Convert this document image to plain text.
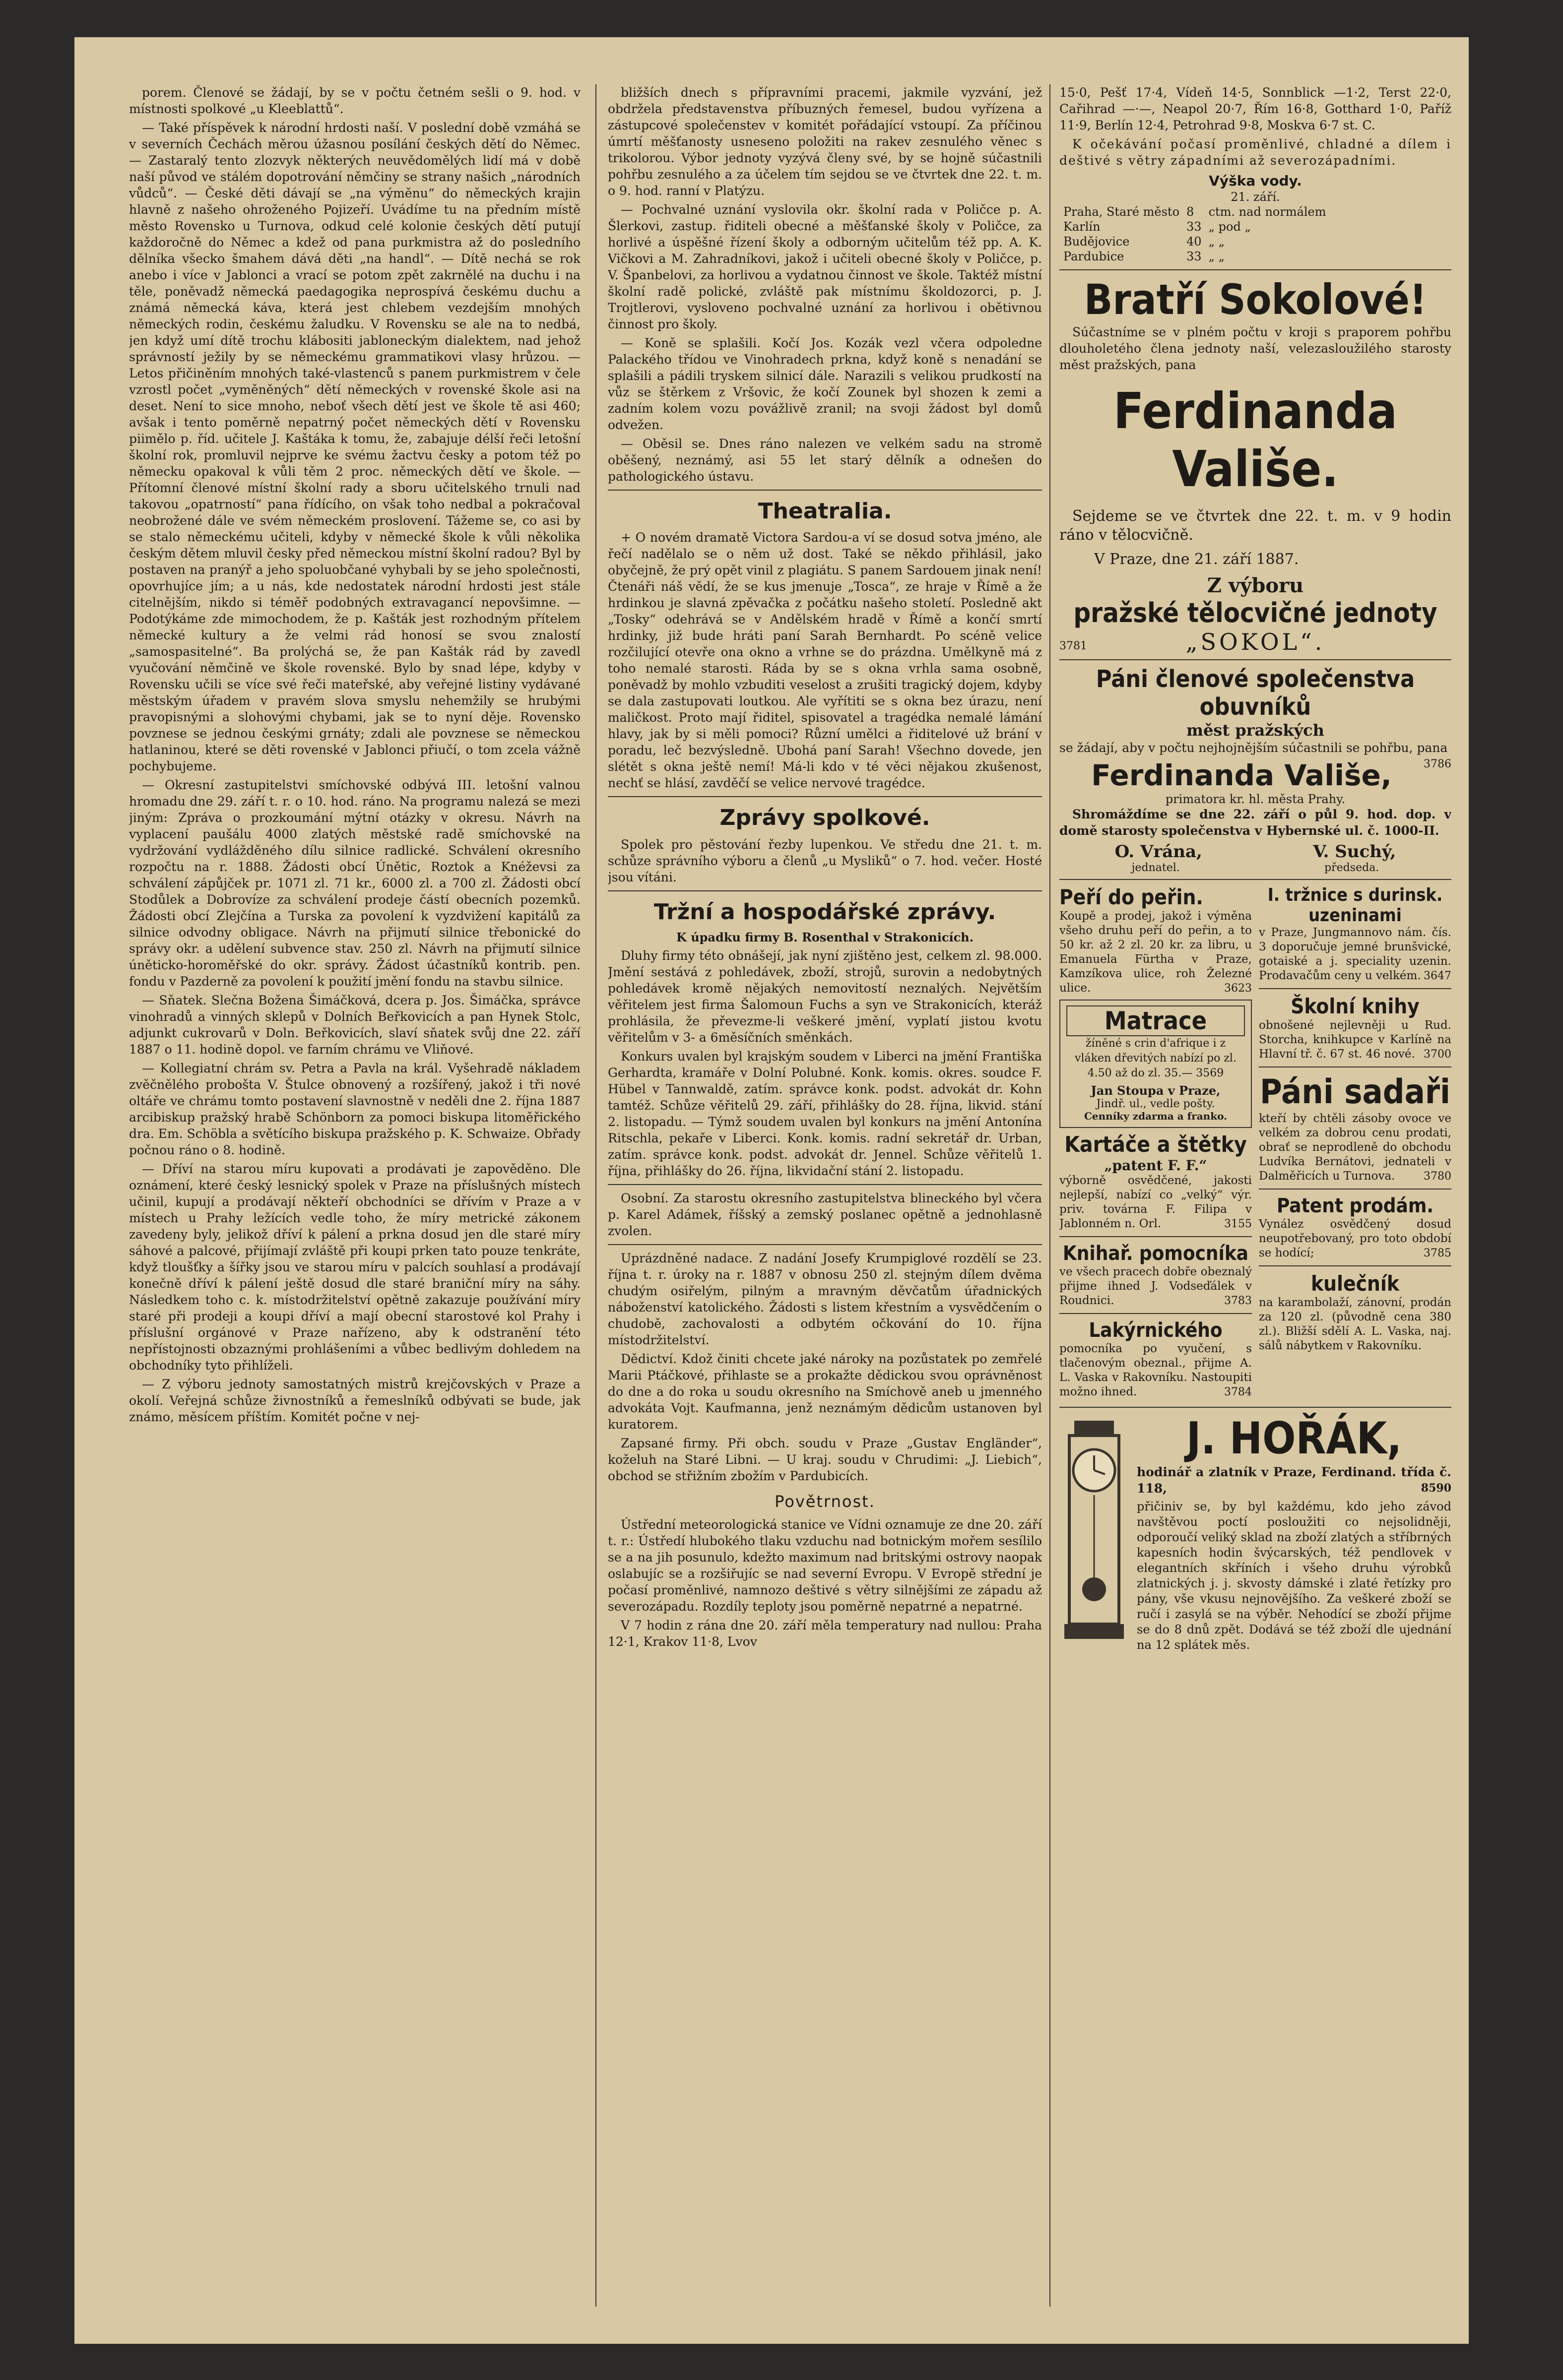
porem. Členové se žádají, by se v počtu četném sešli o 9. hod. v místnosti spolkové „u Kleeblattů“.

— Také příspěvek k národní hrdosti naší. V poslední době vzmáhá se v severních Čechách měrou úžasnou posílání českých dětí do Němec. — Zastaralý tento zlozvyk některých neuvědomělých lidí má v době naší původ ve stálém dopotrování němčiny se strany našich „národních vůdců“. — České děti dávají se „na výměnu“ do německých krajin hlavně z našeho ohroženého Pojizeří. Uvádíme tu na předním místě město Rovensko u Turnova, odkud celé kolonie českých dětí putují každoročně do Němec a kdež od pana purkmistra až do posledního dělníka všecko šmahem dává děti „na handl“. — Dítě nechá se rok anebo i více v Jablonci a vrací se potom zpět zakrnělé na duchu i na těle, poněvadž německá paedagogika neprospívá českému duchu a známá německá káva, která jest chlebem vezdejším mnohých německých rodin, českému žaludku. V Rovensku se ale na to nedbá, jen když umí dítě trochu klábositi jabloneckým dialektem, nad jehož správností ježily by se německému grammatikovi vlasy hrůzou. — Letos přičiněním mnohých také-vlastenců s panem purkmistrem v čele vzrostl počet „vyměněných“ dětí německých v rovenské škole asi na deset. Není to sice mnoho, neboť všech dětí jest ve škole tě asi 460; avšak i tento poměrně nepatrný počet německých dětí v Rovensku piimělo p. říd. učitele J. Kaštáka k tomu, že, zabajuje délší řeči letošní školní rok, promluvil nejprve ke svému žactvu česky a potom též po německu opakoval k vůli těm 2 proc. německých dětí ve škole. — Přítomní členové místní školní rady a sboru učitelského trnuli nad takovou „opatrností“ pana řídícího, on však toho nedbal a pokračoval neobrožené dále ve svém německém proslovení. Tážeme se, co asi by se stalo německému učiteli, kdyby v německé škole k vůli několika českým dětem mluvil česky před německou místní školní radou? Byl by postaven na pranýř a jeho spoluobčané vyhybali by se jeho společnosti, opovrhujíce jím; a u nás, kde nedostatek národní hrdosti jest stále citelnějším, nikdo si téměř podobných extravagancí nepovšimne. — Podotýkáme zde mimochodem, že p. Kašták jest rozhodným přítelem německé kultury a že velmi rád honosí se svou znalostí „samospasitelné“. Ba prolýchá se, že pan Kašták rád by zavedl vyučování němčině ve škole rovenské. Bylo by snad lépe, kdyby v Rovensku učili se více své řeči mateřské, aby veřejné listiny vydávané městským úřadem v pravém slova smyslu nehemžily se hrubými pravopisnými a slohovými chybami, jak se to nyní děje. Rovensko povznese se jednou českými grnáty; zdali ale povznese se německou hatlaninou, které se děti rovenské v Jablonci přiučí, o tom zcela vážně pochybujeme.

— Okresní zastupitelstvi smíchovské odbývá III. letošní valnou hromadu dne 29. září t. r. o 10. hod. ráno. Na programu nalezá se mezi jiným: Zpráva o prozkoumání mýtní otázky v okresu. Návrh na vyplacení paušálu 4000 zlatých městské radě smíchovské na vydržování vydlážděného dílu silnice radlické. Schválení okresního rozpočtu na r. 1888. Žádosti obcí Únětic, Roztok a Knéževsi za schválení zápůjček pr. 1071 zl. 71 kr., 6000 zl. a 700 zl. Žádosti obcí Stodůlek a Dobrovíze za schválení prodeje částí obecních pozemků. Žádosti obcí Zlejčína a Turska za povolení k vyzdvižení kapitálů za silnice odvodny obligace. Návrh na přijmutí silnice třebonické do správy okr. a udělení subvence stav. 250 zl. Návrh na přijmutí silnice úněticko-horoměřské do okr. správy. Žádost účastníků kontrib. pen. fondu v Pazderně za povolení k použití jmění fondu na stavbu silnice.

— Sňatek. Slečna Božena Šimáčková, dcera p. Jos. Šimáčka, správce vinohradů a vinných sklepů v Dolních Beřkovicích a pan Hynek Stolc, adjunkt cukrovarů v Doln. Beřkovicích, slaví sňatek svůj dne 22. září 1887 o 11. hodině dopol. ve farním chrámu ve Vliňové.

— Kollegiatní chrám sv. Petra a Pavla na král. Vyšehradě nákladem zvěčnělého probošta V. Štulce obnovený a rozšířený, jakož i tři nové oltáře ve chrámu tomto postavení slavnostně v neděli dne 2. října 1887 arcibiskup pražský hrabě Schönborn za pomoci biskupa litoměřického dra. Em. Schöbla a světícího biskupa pražského p. K. Schwaize. Obřady počnou ráno o 8. hodině.

— Dříví na starou míru kupovati a prodávati je zapověděno. Dle oznámení, které český lesnický spolek v Praze na příslušných místech učinil, kupují a prodávají někteří obchodníci se dřívím v Praze a v místech u Prahy ležících vedle toho, že míry metrické zákonem zavedeny byly, jelikož dříví k pálení a prkna dosud jen dle staré míry sáhové a palcové, přijímají zvláště při koupi prken tato pouze tenkráte, když tloušťky a šířky jsou ve starou míru v palcích souhlasí a prodávají konečně dříví k pálení ještě dosud dle staré braniční míry na sáhy. Následkem toho c. k. místodržitelství opětně zakazuje používání míry staré při prodeji a koupi dříví a mají obecní starostové kol Prahy i příslušní orgánové v Praze nařízeno, aby k odstranění této nepřístojnosti obzaznými prohlášeními a vůbec bedlivým dohledem na obchodníky tyto přihlíželi.

— Z výboru jednoty samostatných mistrů krejčovských v Praze a okolí. Veřejná schůze živnostníků a řemeslníků odbývati se bude, jak známo, měsícem příštím. Komitét počne v nej-

bližších dnech s přípravními pracemi, jakmile vyzvání, jež obdržela představenstva příbuzných řemesel, budou vyřízena a zástupcové společenstev v komitét pořádající vstoupí. Za příčinou úmrtí měšťanosty usneseno položiti na rakev zesnulého věnec s trikolorou. Výbor jednoty vyzývá členy své, by se hojně súčastnili pohřbu zesnulého a za účelem tím sejdou se ve čtvrtek dne 22. t. m. o 9. hod. ranní v Platýzu.

— Pochvalné uznání vyslovila okr. školní rada v Poličce p. A. Šlerkovi, zastup. řiditeli obecné a měšťanské školy v Poličce, za horlivé a úspěšné řízení školy a odborným učitelům též pp. A. K. Vičkovi a M. Zahradníkovi, jakož i učiteli obecné školy v Poličce, p. V. Španbelovi, za horlivou a vydatnou činnost ve škole. Taktéž místní školní radě polické, zvláště pak místnímu školdozorci, p. J. Trojtlerovi, vysloveno pochvalné uznání za horlivou i obětivnou činnost pro školy.

— Koně se splašili. Kočí Jos. Kozák vezl včera odpoledne Palackého třídou ve Vinohradech prkna, když koně s nenadání se splašili a pádili tryskem silnicí dále. Narazili s velikou prudkostí na vůz se štěrkem z Vršovic, že kočí Zounek byl shozen k zemi a zadním kolem vozu povážlivě zranil; na svoji žádost byl domů odvežen.

— Oběsil se. Dnes ráno nalezen ve velkém sadu na stromě oběšený, neznámý, asi 55 let starý dělník a odnešen do pathologického ústavu.

Theatralia.

+ O novém dramatě Victora Sardou-a ví se dosud sotva jméno, ale řečí nadělalo se o něm už dost. Také se někdo přihlásil, jako obyčejně, že prý opět vinil z plagiátu. S panem Sardouem jinak není! Čtenáři náš vědí, že se kus jmenuje „Tosca“, ze hraje v Římě a že hrdinkou je slavná zpěvačka z počátku našeho století. Posledně akt „Tosky“ odehrává se v Andělském hradě v Římě a končí smrtí hrdinky, již bude hráti paní Sarah Bernhardt. Po scéně velice rozčilující otevře ona okno a vrhne se do prázdna. Umělkyně má z toho nemalé starosti. Ráda by se s okna vrhla sama osobně, poněvadž by mohlo vzbuditi veselost a zrušiti tragický dojem, kdyby se dala zastupovati loutkou. Ale vyřítiti se s okna bez úrazu, není maličkost. Proto mají řiditel, spisovatel a tragédka nemalé lámání hlavy, jak by si měli pomoci? Různí umělci a řiditelové už brání v poradu, leč bezvýsledně. Ubohá paní Sarah! Všechno dovede, jen slétět s okna ještě nemí! Má-li kdo v té věci nějakou zkušenost, nechť se hlásí, zavděčí se velice nervové tragédce.

Zprávy spolkové.

Spolek pro pěstování řezby lupenkou. Ve středu dne 21. t. m. schůze správního výboru a členů „u Mysliků“ o 7. hod. večer. Hosté jsou vítáni.

Tržní a hospodářské zprávy.
K úpadku firmy B. Rosenthal v Strakonicích.

Dluhy firmy této obnášejí, jak nyní zjištěno jest, celkem zl. 98.000. Jmění sestává z pohledávek, zboží, strojů, surovin a nedobytných pohledávek kromě nějakých nemovitostí neznalých. Největším věřitelem jest firma Šalomoun Fuchs a syn ve Strakonicích, kteráž prohlásila, že převezme-li veškeré jmění, vyplatí jistou kvotu věřitelům v 3- a 6měsíčních směnkách.

Konkurs uvalen byl krajským soudem v Liberci na jmění Františka Gerhardta, kramáře v Dolní Polubné. Konk. komis. okres. soudce F. Hübel v Tannwaldě, zatím. správce konk. podst. advokát dr. Kohn tamtéž. Schůze věřitelů 29. září, přihlášky do 28. října, likvid. stání 2. listopadu. — Týmž soudem uvalen byl konkurs na jmění Antonína Ritschla, pekaře v Liberci. Konk. komis. radní sekretář dr. Urban, zatím. správce konk. podst. advokát dr. Jennel. Schůze věřitelů 1. října, přihlášky do 26. října, likvidační stání 2. listopadu.

Osobní. Za starostu okresního zastupitelstva blineckého byl včera p. Karel Adámek, říšský a zemský poslanec opětně a jednohlasně zvolen.

Uprázdněné nadace. Z nadání Josefy Krumpiglové rozdělí se 23. října t. r. úroky na r. 1887 v obnosu 250 zl. stejným dílem dvěma chudým osiřelým, pilným a mravným děvčatům úřadnických náboženství katolického. Žádosti s listem křestním a vysvědčením o chudobě, zachovalosti a odbytém očkování do 10. října místodržitelství.

Dědictví. Kdož činiti chcete jaké nároky na pozůstatek po zemřelé Marii Ptáčkové, přihlaste se a prokažte dědickou svou oprávněnost do dne a do roka u soudu okresního na Smíchově aneb u jmenného advokáta Vojt. Kaufmanna, jenž neznámým dědicům ustanoven byl kuratorem.

Zapsané firmy. Při obch. soudu v Praze „Gustav Engländer“, koželuh na Staré Libni. — U kraj. soudu v Chrudimi: „J. Liebich“, obchod se střižním zbožím v Pardubicích.

Povětrnost.

Ústřední meteorologická stanice ve Vídni oznamuje ze dne 20. září t. r.: Ústředí hlubokého tlaku vzduchu nad botnickým mořem sesílilo se a na jih posunulo, kdežto maximum nad britskými ostrovy naopak oslabujíc se a rozšiřujíc se nad severní Evropu. V Evropě střední je počasí proměnlivé, namnozo deštivé s větry silnějšími ze západu až severozápadu. Rozdíly teploty jsou poměrně nepatrné a nepatrné.

V 7 hodin z rána dne 20. září měla temperatury nad nullou: Praha 12·1, Krakov 11·8, Lvov

15·0, Pešť 17·4, Vídeň 14·5, Sonnblick —1·2, Terst 22·0, Cařihrad —·—, Neapol 20·7, Řím 16·8, Gotthard 1·0, Paříž 11·9, Berlín 12·4, Petrohrad 9·8, Moskva 6·7 st. C.

K očekávání počasí proměnlivé, chladné a dílem i deštivé s větry západními až severozápadními.

Výška vody.
21. září.
Praha, Staré město	8	ctm. nad normálem
Karlín	33	„ pod „
Budějovice	40	„ „
Pardubice	33	„ „
Bratří Sokolové!

Súčastníme se v plném počtu v kroji s praporem pohřbu dlouholetého člena jednoty naší, velezasloužilého starosty měst pražských, pana

Ferdinanda Vališe.

Sejdeme se ve čtvrtek dne 22. t. m. v 9 hodin ráno v tělocvičně.

V Praze, dne 21. září 1887.
Z výboru
pražské tělocvičné jednoty
3781	„SOKOL“.
Páni členové společenstva obuvníků
měst pražských

se žádají, aby v počtu nejhojnějším súčastnili se pohřbu, pana
3786

Ferdinanda Vališe,
primatora kr. hl. města Prahy.

Shromáždíme se dne 22. září o půl 9. hod. dop. v domě starosty společenstva v Hybernské ul. č. 1000-II.

O. Vrána,	V. Suchý,
jednatel.	předseda.
Peří do peřin.

Koupě a prodej, jakož i výměna všeho druhu peří do peřin, a to 50 kr. až 2 zl. 20 kr. za libru, u Emanuela Fürtha v Praze, Kamzíkova ulice, roh Železné ulice.	3623

Matrace

žíněné s crin d'afrique i z vláken dřevitých nabízí po zl. 4.50 až do zl. 35.— 3569

Jan Stoupa v Praze,
Jindř. ul., vedle pošty.
Cenníky zdarma a franko.
Kartáče a štětky
„patent F. F.“

výborně osvědčené, jakosti nejlepší, nabízí co „velký“ výr. priv. továrna F. Filipa v Jablonném n. Orl.	3155

Knihař. pomocníka

ve všech pracech dobře obeznalý přijme ihned J. Vodseďálek v Roudnici.	3783

Lakýrnického

pomocníka po vyučení, s tlačenovým obeznal., přijme A. L. Vaska v Rakovníku. Nastoupiti možno ihned.	3784

I. tržnice s durinsk. uzeninami

v Praze, Jungmannovo nám. čís. 3 doporučuje jemné brunšvické, gotaiské a j. speciality uzenin. Prodavačům ceny u velkém. 3647

Školní knihy

obnošené nejlevněji u Rud. Storcha, knihkupce v Karlíně na Hlavní tř. č. 67 st. 46 nové. 3700

Páni sadaři

kteří by chtěli zásoby ovoce ve velkém za dobrou cenu prodati, obrať se neprodleně do obchodu Ludvíka Bernátovi, jednateli v Dalměřicích u Turnova.	3780

Patent prodám.

Vynález osvědčený dosud neupotřebovaný, pro toto období se hodící;	3785

kulečník

na karambolaží, zánovní, prodán za 120 zl. (původně cena 380 zl.). Bližší sdělí A. L. Vaska, naj. sálů nábytkem v Rakovníku.

J. HOŘÁK,

hodinář a zlatník v Praze, Ferdinand. třída č. 118,	8590

přičiniv se, by byl každému, kdo jeho závod navštěvou poctí posloužiti co nejsolidněji, odporoučí veliký sklad na zboží zlatých a stříbrných kapesních hodin švýcarských, též pendlovek v elegantních skříních i všeho druhu výrobků zlatnických j. j. skvosty dámské i zlaté řetízky pro pány, vše vkusu nejnovějšího. Za veškeré zboží se ručí i zasylá se na výběr. Nehodící se zboží přijme se do 8 dnů zpět. Dodává se též zboží dle ujednání na 12 splátek měs.
